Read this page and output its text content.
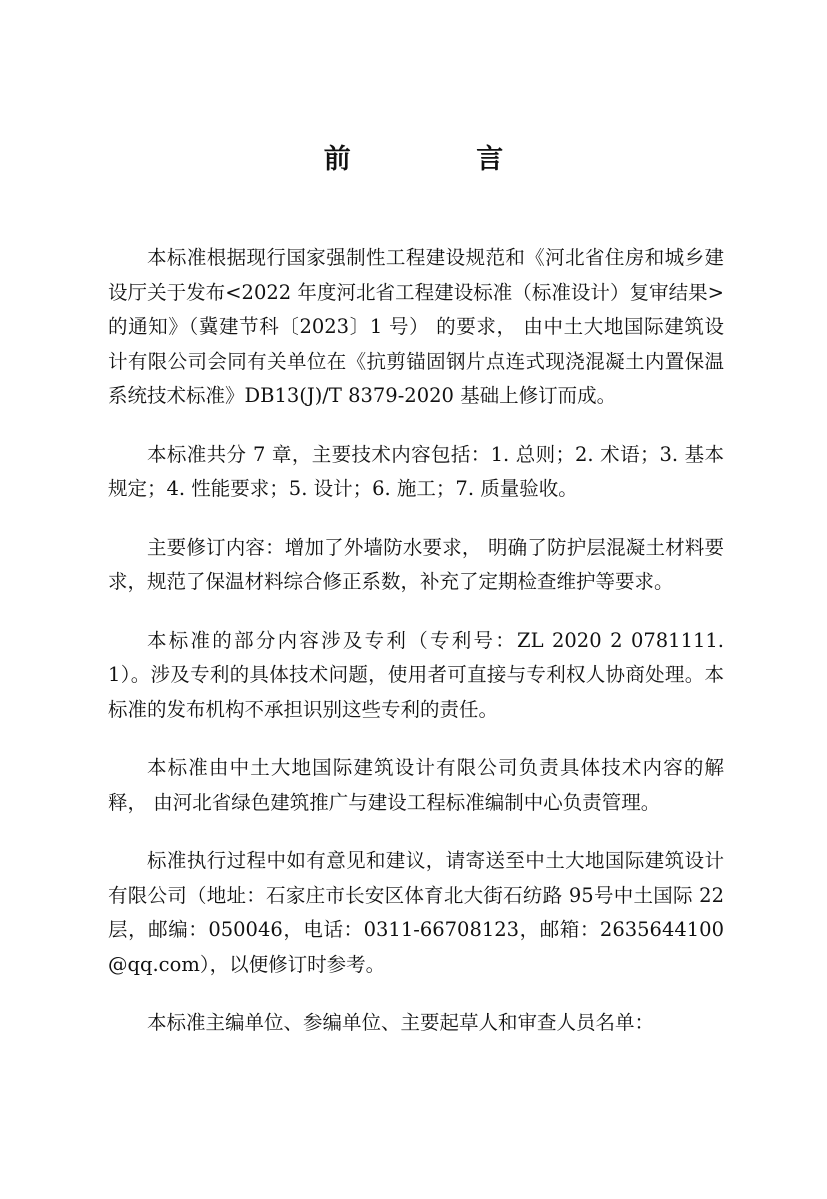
前 言

本标准根据现行国家强制性工程建设规范和《河北省住房和城乡建设厅关于发布<2022 年度河北省工程建设标准（标准设计）复审结果> 的通知》（冀建节科〔2023〕1 号） 的要求， 由中土大地国际建筑设计有限公司会同有关单位在《抗剪锚固钢片点连式现浇混凝土内置保温系统技术标准》DB13(J)/T 8379-2020 基础上修订而成。

本标准共分 7 章，主要技术内容包括：1. 总则；2. 术语；3. 基本规定；4. 性能要求；5. 设计；6. 施工；7. 质量验收。

主要修订内容：增加了外墙防水要求， 明确了防护层混凝土材料要求，规范了保温材料综合修正系数，补充了定期检查维护等要求。

本标准的部分内容涉及专利（专利号：ZL 2020 2 0781111. 1）。涉及专利的具体技术问题，使用者可直接与专利权人协商处理。本标准的发布机构不承担识别这些专利的责任。

本标准由中土大地国际建筑设计有限公司负责具体技术内容的解释， 由河北省绿色建筑推广与建设工程标准编制中心负责管理。

标准执行过程中如有意见和建议，请寄送至中土大地国际建筑设计有限公司（地址：石家庄市长安区体育北大街石纺路 95号中土国际 22 层，邮编：050046，电话：0311-66708123，邮箱：2635644100@qq.com），以便修订时参考。

本标准主编单位、参编单位、主要起草人和审查人员名单：
